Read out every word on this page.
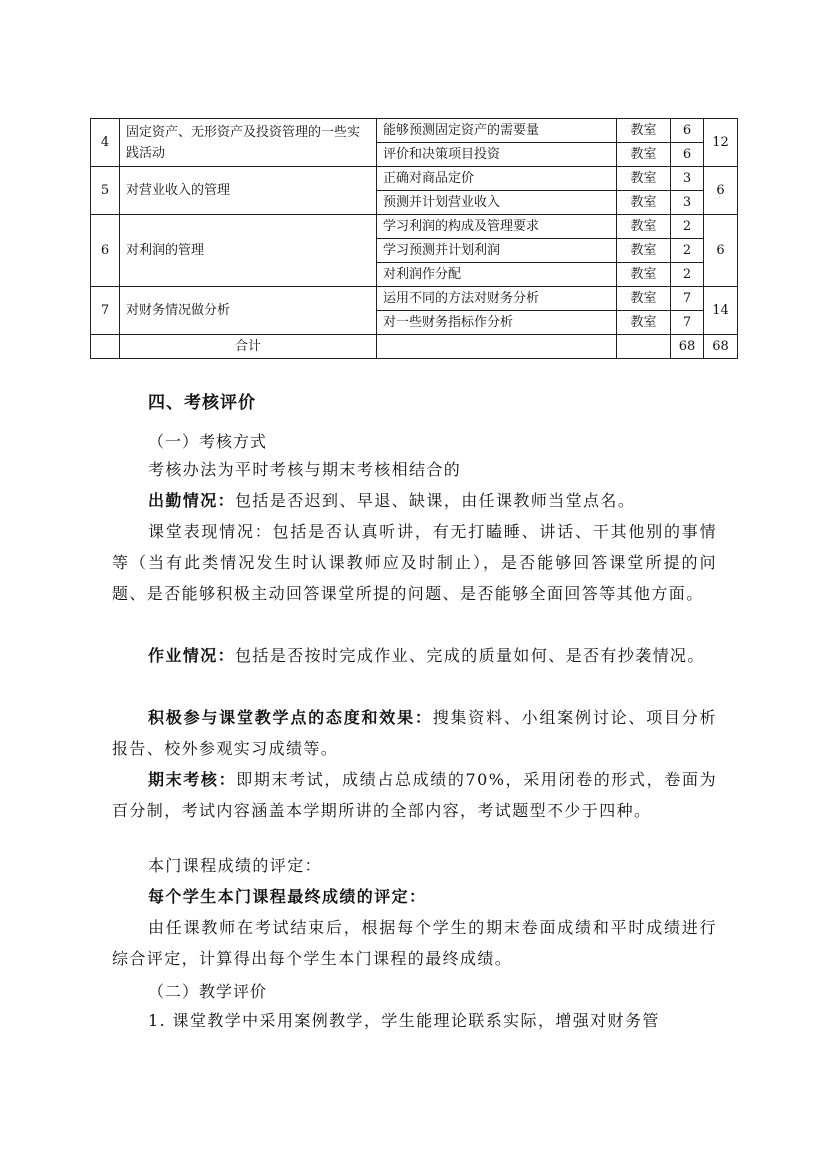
4	固定资产、无形资产及投资管理的一些实践活动	能够预测固定资产的需要量	教室	6	12
		评价和决策项目投资	教室	6	
5	对营业收入的管理	正确对商品定价	教室	3	6
		预测并计划营业收入	教室	3	
6	对利润的管理	学习利润的构成及管理要求	教室	2	6
		学习预测并计划利润	教室	2	
		对利润作分配	教室	2	
7	对财务情况做分析	运用不同的方法对财务分析	教室	7	14
		对一些财务指标作分析	教室	7	
	合计			68	68
四、考核评价
（一）考核方式
考核办法为平时考核与期末考核相结合的
出勤情况：包括是否迟到、早退、缺课，由任课教师当堂点名。
课堂表现情况：包括是否认真听讲，有无打瞌睡、讲话、干其他别的事情等（当有此类情况发生时认课教师应及时制止），是否能够回答课堂所提的问题、是否能够积极主动回答课堂所提的问题、是否能够全面回答等其他方面。
作业情况：包括是否按时完成作业、完成的质量如何、是否有抄袭情况。
积极参与课堂教学点的态度和效果：搜集资料、小组案例讨论、项目分析报告、校外参观实习成绩等。
期末考核：即期末考试，成绩占总成绩的70%，采用闭卷的形式，卷面为百分制，考试内容涵盖本学期所讲的全部内容，考试题型不少于四种。
本门课程成绩的评定：
每个学生本门课程最终成绩的评定：
由任课教师在考试结束后，根据每个学生的期末卷面成绩和平时成绩进行综合评定，计算得出每个学生本门课程的最终成绩。
（二）教学评价
1. 课堂教学中采用案例教学，学生能理论联系实际，增强对财务管
